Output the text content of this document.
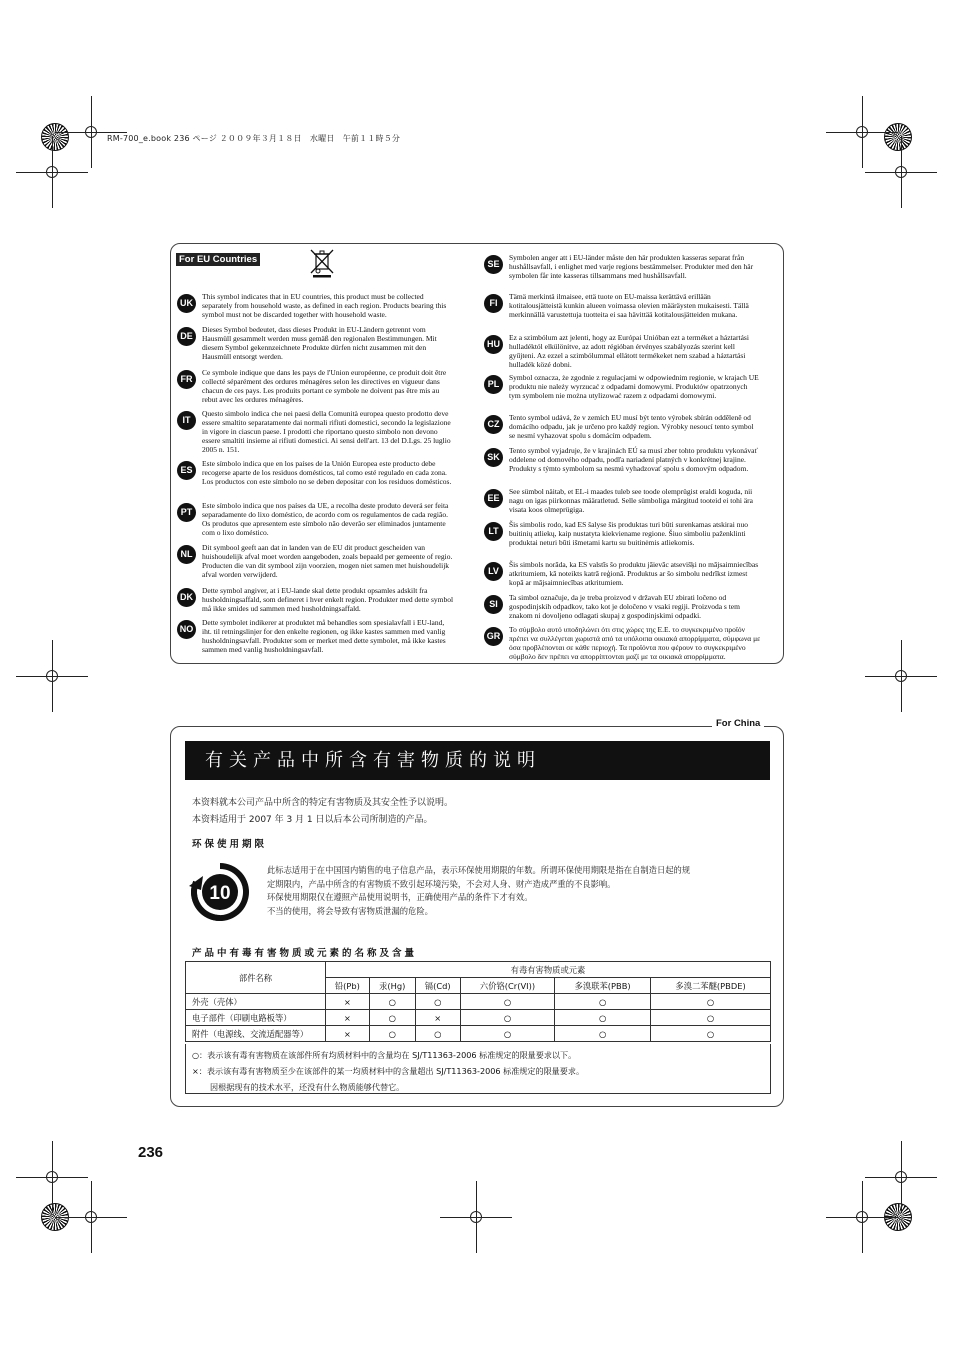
RM-700_e.book 236 ページ ２００９年３月１８日　水曜日　午前１１時５分
For EU Countries
UK
This symbol indicates that in EU countries, this product must be collected separately from household waste, as defined in each region. Products bearing this symbol must not be discarded together with household waste.
DE
Dieses Symbol bedeutet, dass dieses Produkt in EU-Ländern getrennt vom Hausmüll gesammelt werden muss gemäß den regionalen Bestimmungen. Mit diesem Symbol gekennzeichnete Produkte dürfen nicht zusammen mit den Hausmüll entsorgt werden.
FR
Ce symbole indique que dans les pays de l'Union européenne, ce produit doit être collecté séparément des ordures ménagères selon les directives en vigueur dans chacun de ces pays. Les produits portant ce symbole ne doivent pas être mis au rebut avec les ordures ménagères.
IT
Questo simbolo indica che nei paesi della Comunità europea questo prodotto deve essere smaltito separatamente dai normali rifiuti domestici, secondo la legislazione in vigore in ciascun paese. I prodotti che riportano questo simbolo non devono essere smaltiti insieme ai rifiuti domestici. Ai sensi dell'art. 13 del D.Lgs. 25 luglio 2005 n. 151.
ES
Este símbolo indica que en los países de la Unión Europea este producto debe recogerse aparte de los residuos domésticos, tal como esté regulado en cada zona. Los productos con este símbolo no se deben depositar con los residuos domésticos.
PT
Este símbolo indica que nos países da UE, a recolha deste produto deverá ser feita separadamente do lixo doméstico, de acordo com os regulamentos de cada região. Os produtos que apresentem este símbolo não deverão ser eliminados juntamente com o lixo doméstico.
NL
Dit symbool geeft aan dat in landen van de EU dit product gescheiden van huishoudelijk afval moet worden aangeboden, zoals bepaald per gemeente of regio. Producten die van dit symbool zijn voorzien, mogen niet samen met huishoudelijk afval worden verwijderd.
DK
Dette symbol angiver, at i EU-lande skal dette produkt opsamles adskilt fra husholdningsaffald, som defineret i hver enkelt region. Produkter med dette symbol må ikke smides ud sammen med husholdningsaffald.
NO
Dette symbolet indikerer at produktet må behandles som spesialavfall i EU-land, iht. til retningslinjer for den enkelte regionen, og ikke kastes sammen med vanlig husholdningsavfall. Produkter som er merket med dette symbolet, må ikke kastes sammen med vanlig husholdningsavfall.
SE
Symbolen anger att i EU-länder måste den här produkten kasseras separat från hushållsavfall, i enlighet med varje regions bestämmelser. Produkter med den här symbolen får inte kasseras tillsammans med hushållsavfall.
FI
Tämä merkintä ilmaisee, että tuote on EU-maissa kerättävä erillään kotitalousjätteistä kunkin alueen voimassa olevien määräysten mukaisesti. Tällä merkinnällä varustettuja tuotteita ei saa hävittää kotitalousjätteiden mukana.
HU
Ez a szimbólum azt jelenti, hogy az Európai Unióban ezt a terméket a háztartási hulladéktól elkülönítve, az adott régióban érvényes szabályozás szerint kell gyűjteni. Az ezzel a szimbólummal ellátott termékeket nem szabad a háztartási hulladék közé dobni.
PL
Symbol oznacza, że zgodnie z regulacjami w odpowiednim regionie, w krajach UE produktu nie należy wyrzucać z odpadami domowymi. Produktów opatrzonych tym symbolem nie można utylizować razem z odpadami domowymi.
CZ
Tento symbol udává, že v zemích EU musí být tento výrobek sbírán odděleně od domácího odpadu, jak je určeno pro každý region. Výrobky nesoucí tento symbol se nesmí vyhazovat spolu s domácím odpadem.
SK
Tento symbol vyjadruje, že v krajinách EÚ sa musí zber tohto produktu vykonávať oddelene od domového odpadu, podľa nariadení platných v konkrétnej krajine. Produkty s týmto symbolom sa nesmú vyhadzovať spolu s domovým odpadom.
EE
See sümbol näitab, et EL-i maades tuleb see toode olemprügist eraldi koguda, nii nagu on igas piirkonnas määratletud. Selle sümboliga märgitud tooteid ei tohi ära visata koos olmeprügiga.
LT
Šis simbolis rodo, kad ES šalyse šis produktas turi būti surenkamas atskirai nuo buitinių atliekų, kaip nustatyta kiekviename regione. Šiuo simboliu paženklinti produktai neturi būti išmetami kartu su buitinėmis atliekomis.
LV
Šis simbols norāda, ka ES valstīs šo produktu jāievāc atsevišķi no mājsaimniecības atkritumiem, kā noteikts katrā reģionā. Produktus ar šo simbolu nedrīkst izmest kopā ar mājsaimniecības atkritumiem.
SI
Ta simbol označuje, da je treba proizvod v državah EU zbirati ločeno od gospodinjskih odpadkov, tako kot je določeno v vsaki regiji. Proizvoda s tem znakom ni dovoljeno odlagati skupaj z gospodinjskimi odpadki.
GR
Το σύμβολο αυτό υποδηλώνει ότι στις χώρες της Ε.Ε. το συγκεκριμένο προϊόν πρέπει να συλλέγεται χωριστά από τα υπόλοιπα οικιακά απορρίμματα, σύμφωνα με όσα προβλέπονται σε κάθε περιοχή. Τα προϊόντα που φέρουν το συγκεκριμένο σύμβολο δεν πρέπει να απορρίπτονται μαζί με τα οικιακά απορρίμματα.
For China
有关产品中所含有害物质的说明
本资料就本公司产品中所含的特定有害物质及其安全性予以说明。
本资料适用于 2007 年 3 月 1 日以后本公司所制造的产品。
环保使用期限
10
此标志适用于在中国国内销售的电子信息产品，表示环保使用期限的年数。所谓环保使用期限是指在自制造日起的规
定期限内，产品中所含的有害物质不致引起环境污染，不会对人身、财产造成严重的不良影响。
环保使用期限仅在遵照产品使用说明书，正确使用产品的条件下才有效。
不当的使用，将会导致有害物质泄漏的危险。
产品中有毒有害物质或元素的名称及含量
部件名称	有毒有害物质或元素					
	铅(Pb)	汞(Hg)	镉(Cd)	六价铬(Cr(VI))	多溴联苯(PBB)	多溴二苯醚(PBDE)
外壳（壳体）	×	○	○	○	○	○
电子部件（印刷电路板等）	×	○	×	○	○	○
附件（电源线、交流适配器等）	×	○	○	○	○	○
○：表示该有毒有害物质在该部件所有均质材料中的含量均在 SJ/T11363-2006 标准规定的限量要求以下。
×：表示该有毒有害物质至少在该部件的某一均质材料中的含量超出 SJ/T11363-2006 标准规定的限量要求。
因根据现有的技术水平，还没有什么物质能够代替它。
236
